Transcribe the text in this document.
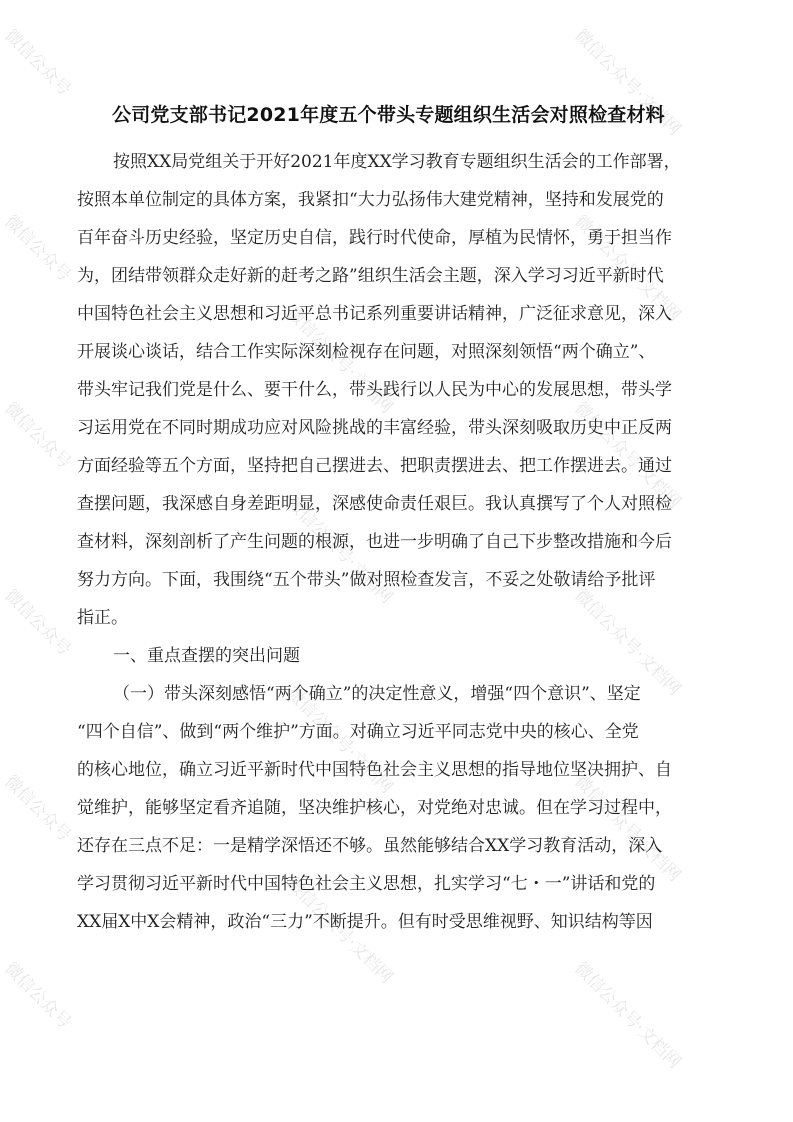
微信公众号	微信公众号·文档网
微信公众号	微信公众号·文档网
微信公众号	微信公众号·文档网
微信公众号	微信公众号·文档网
微信公众号	微信公众号·文档网
微信公众号	微信公众号·文档网
微信公众号·文档网
微信公众号·文档网
微信公众号·文档网
微信公众号·文档网
公司党支部书记2021年度五个带头专题组织生活会对照检查材料
按照XX局党组关于开好2021年度XX学习教育专题组织生活会的工作部署，
按照本单位制定的具体方案，我紧扣“大力弘扬伟大建党精神，坚持和发展党的
百年奋斗历史经验，坚定历史自信，践行时代使命，厚植为民情怀，勇于担当作
为，团结带领群众走好新的赶考之路”组织生活会主题，深入学习习近平新时代
中国特色社会主义思想和习近平总书记系列重要讲话精神，广泛征求意见，深入
开展谈心谈话，结合工作实际深刻检视存在问题，对照深刻领悟“两个确立”、
带头牢记我们党是什么、要干什么，带头践行以人民为中心的发展思想，带头学
习运用党在不同时期成功应对风险挑战的丰富经验，带头深刻吸取历史中正反两
方面经验等五个方面，坚持把自己摆进去、把职责摆进去、把工作摆进去。通过
查摆问题，我深感自身差距明显，深感使命责任艰巨。我认真撰写了个人对照检
查材料，深刻剖析了产生问题的根源，也进一步明确了自己下步整改措施和今后
努力方向。下面，我围绕“五个带头”做对照检查发言，不妥之处敬请给予批评
指正。
一、重点查摆的突出问题
（一）带头深刻感悟“两个确立”的决定性意义，增强“四个意识”、坚定
“四个自信”、做到“两个维护”方面。对确立习近平同志党中央的核心、全党
的核心地位，确立习近平新时代中国特色社会主义思想的指导地位坚决拥护、自
觉维护，能够坚定看齐追随，坚决维护核心，对党绝对忠诚。但在学习过程中，
还存在三点不足：一是精学深悟还不够。虽然能够结合XX学习教育活动，深入
学习贯彻习近平新时代中国特色社会主义思想，扎实学习“七・一”讲话和党的
XX届X中X会精神，政治“三力”不断提升。但有时受思维视野、知识结构等因
